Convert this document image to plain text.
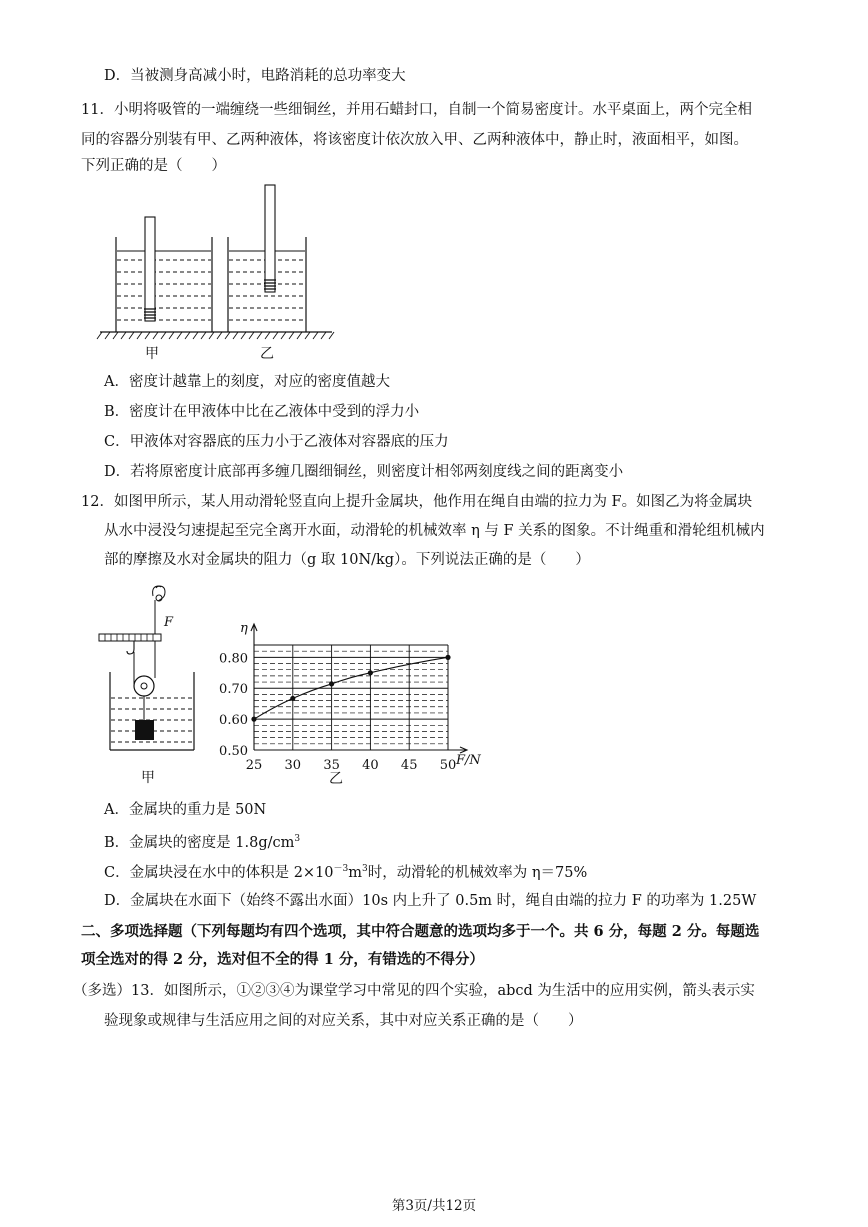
D．当被测身高减小时，电路消耗的总功率变大
11．小明将吸管的一端缠绕一些细铜丝，并用石蜡封口，自制一个简易密度计。水平桌面上，两个完全相
同的容器分别装有甲、乙两种液体，将该密度计依次放入甲、乙两种液体中，静止时，液面相平，如图。
下列正确的是（　　）
甲	乙
A．密度计越靠上的刻度，对应的密度值越大
B．密度计在甲液体中比在乙液体中受到的浮力小
C．甲液体对容器底的压力小于乙液体对容器底的压力
D．若将原密度计底部再多缠几圈细铜丝，则密度计相邻两刻度线之间的距离变小
12．如图甲所示，某人用动滑轮竖直向上提升金属块，他作用在绳自由端的拉力为 F。如图乙为将金属块
从水中浸没匀速提起至完全离开水面，动滑轮的机械效率 η 与 F 关系的图象。不计绳重和滑轮组机械内
部的摩擦及水对金属块的阻力（g 取 10N/kg）。下列说法正确的是（　　）
F
甲
0.50
0.60
0.70
0.80
25 30 35 40 45 50
η
F/N
乙
A．金属块的重力是 50N
B．金属块的密度是 $1.8g/cm^3$
C．金属块浸在水中的体积是 $2\times 10^{-3}m^3$时，动滑轮的机械效率为 η＝75%
D．金属块在水面下（始终不露出水面）10s 内上升了 0.5m 时，绳自由端的拉力 F 的功率为 1.25W
二、多项选择题（下列每题均有四个选项，其中符合题意的选项均多于一个。共 6 分，每题 2 分。每题选
项全选对的得 2 分，选对但不全的得 1 分，有错选的不得分）
（多选）13．如图所示，①②③④为课堂学习中常见的四个实验，abcd 为生活中的应用实例，箭头表示实
验现象或规律与生活应用之间的对应关系，其中对应关系正确的是（　　）
第3页/共12页
